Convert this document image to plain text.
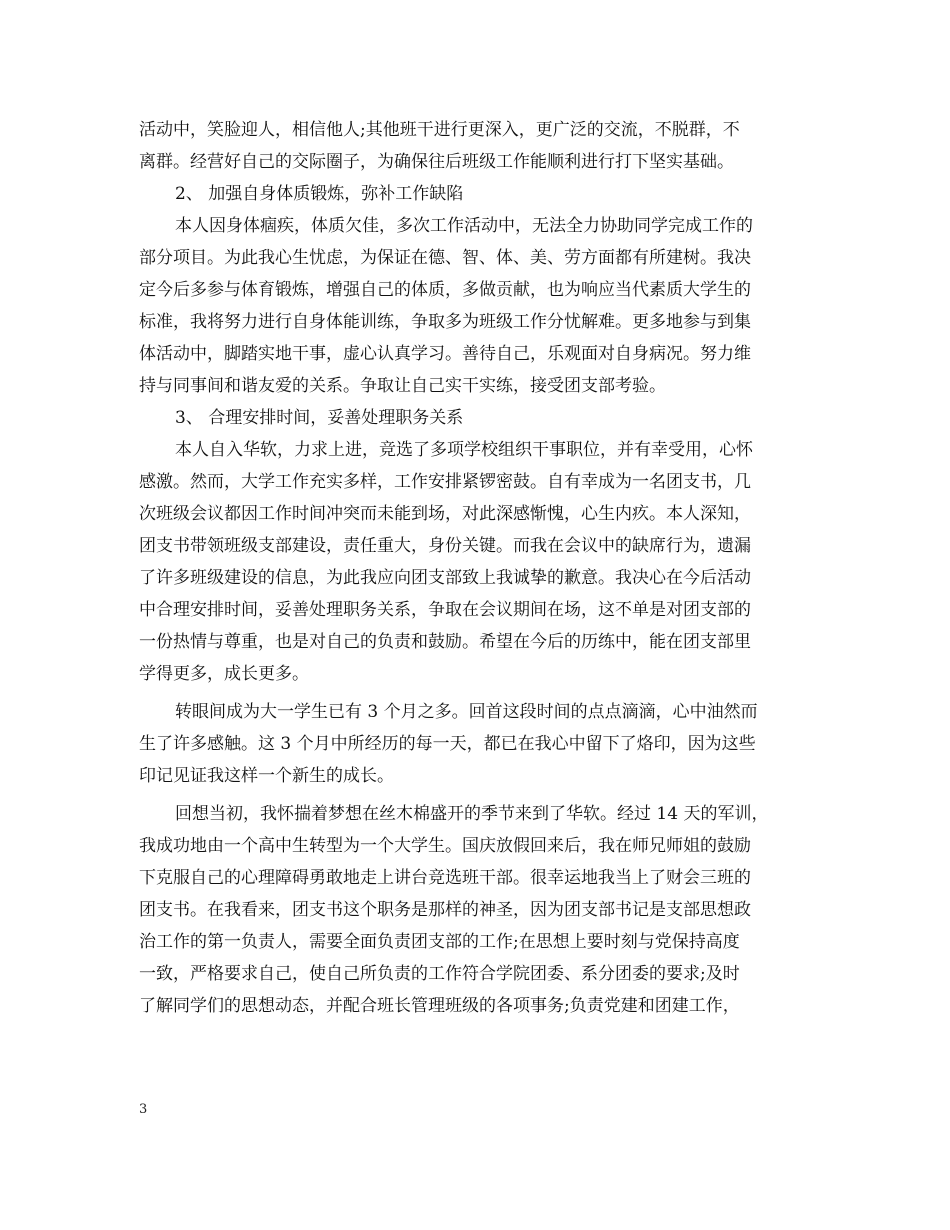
活动中，笑脸迎人，相信他人;其他班干进行更深入，更广泛的交流，不脱群，不
离群。经营好自己的交际圈子，为确保往后班级工作能顺利进行打下坚实基础。
2、 加强自身体质锻炼，弥补工作缺陷
本人因身体痼疾，体质欠佳，多次工作活动中，无法全力协助同学完成工作的
部分项目。为此我心生忧虑，为保证在德、智、体、美、劳方面都有所建树。我决
定今后多参与体育锻炼，增强自己的体质，多做贡献，也为响应当代素质大学生的
标准，我将努力进行自身体能训练，争取多为班级工作分忧解难。更多地参与到集
体活动中，脚踏实地干事，虚心认真学习。善待自己，乐观面对自身病况。努力维
持与同事间和谐友爱的关系。争取让自己实干实练，接受团支部考验。
3、 合理安排时间，妥善处理职务关系
本人自入华软，力求上进，竞选了多项学校组织干事职位，并有幸受用，心怀
感激。然而，大学工作充实多样，工作安排紧锣密鼓。自有幸成为一名团支书，几
次班级会议都因工作时间冲突而未能到场，对此深感惭愧，心生内疚。本人深知，
团支书带领班级支部建设，责任重大，身份关键。而我在会议中的缺席行为，遗漏
了许多班级建设的信息，为此我应向团支部致上我诚挚的歉意。我决心在今后活动
中合理安排时间，妥善处理职务关系，争取在会议期间在场，这不单是对团支部的
一份热情与尊重，也是对自己的负责和鼓励。希望在今后的历练中，能在团支部里
学得更多，成长更多。
转眼间成为大一学生已有 3 个月之多。回首这段时间的点点滴滴，心中油然而
生了许多感触。这 3 个月中所经历的每一天，都已在我心中留下了烙印，因为这些
印记见证我这样一个新生的成长。
回想当初，我怀揣着梦想在丝木棉盛开的季节来到了华软。经过 14 天的军训，
我成功地由一个高中生转型为一个大学生。国庆放假回来后，我在师兄师姐的鼓励
下克服自己的心理障碍勇敢地走上讲台竞选班干部。很幸运地我当上了财会三班的
团支书。在我看来，团支书这个职务是那样的神圣，因为团支部书记是支部思想政
治工作的第一负责人，需要全面负责团支部的工作;在思想上要时刻与党保持高度
一致，严格要求自己，使自己所负责的工作符合学院团委、系分团委的要求;及时
了解同学们的思想动态，并配合班长管理班级的各项事务;负责党建和团建工作，
3
